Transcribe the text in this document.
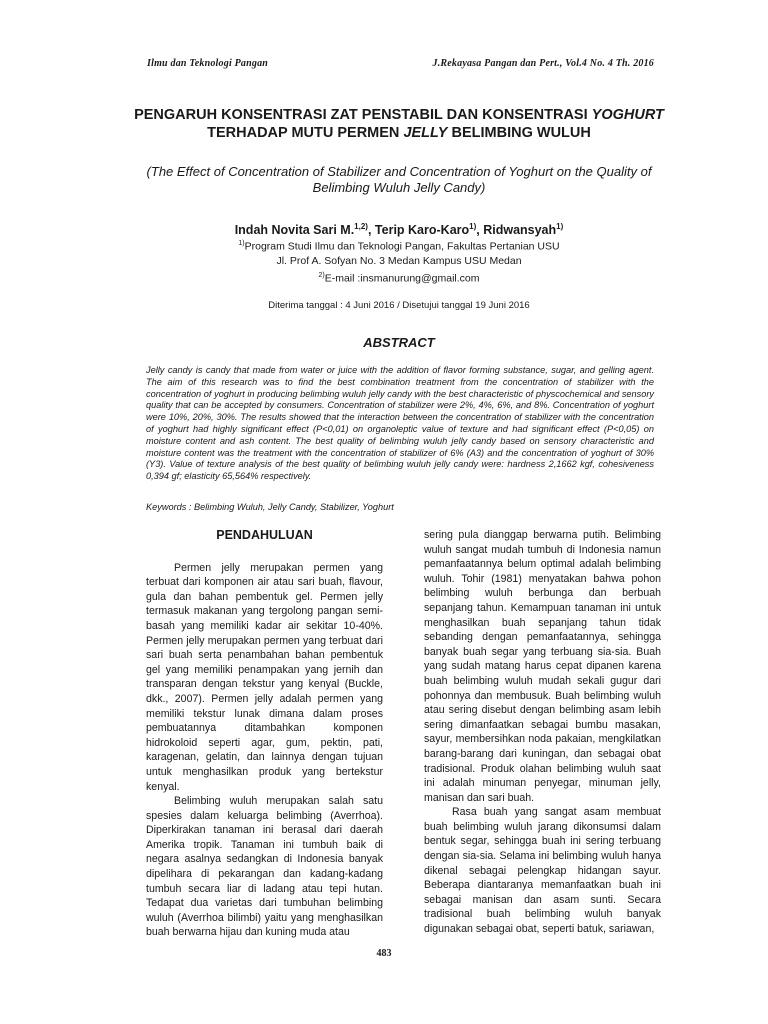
Ilmu dan Teknologi Pangan	J.Rekayasa Pangan dan Pert., Vol.4 No. 4 Th. 2016
PENGARUH KONSENTRASI ZAT PENSTABIL DAN KONSENTRASI YOGHURT
TERHADAP MUTU PERMEN JELLY BELIMBING WULUH
(The Effect of Concentration of Stabilizer and Concentration of Yoghurt on the Quality of Belimbing Wuluh Jelly Candy)
Indah Novita Sari M.$^{1,2)}$, Terip Karo-Karo$^{1)}$, Ridwansyah$^{1)}$
$^{1)}$Program Studi Ilmu dan Teknologi Pangan, Fakultas Pertanian USU
Jl. Prof A. Sofyan No. 3 Medan Kampus USU Medan
$^{2)}$E-mail :insmanurung@gmail.com
Diterima tanggal : 4 Juni 2016 / Disetujui tanggal 19 Juni 2016
ABSTRACT
Jelly candy is candy that made from water or juice with the addition of flavor forming substance, sugar, and gelling agent. The aim of this research was to find the best combination treatment from the concentration of stabilizer with the concentration of yoghurt in producing belimbing wuluh jelly candy with the best characteristic of physcochemical and sensory quality that can be accepted by consumers. Concentration of stabilizer were 2%, 4%, 6%, and 8%. Concentration of yoghurt were 10%, 20%, 30%. The results showed that the interaction between the concentration of stabilizer with the concentration of yoghurt had highly significant effect (P<0,01) on organoleptic value of texture and had significant effect (P<0,05) on moisture content and ash content. The best quality of belimbing wuluh jelly candy based on sensory characteristic and moisture content was the treatment with the concentration of stabilizer of 6% (A3) and the concentration of yoghurt of 30% (Y3). Value of texture analysis of the best quality of belimbing wuluh jelly candy were: hardness 2,1662 kgf, cohesiveness 0,394 gf; elasticity 65,564% respectively.
Keywords : Belimbing Wuluh, Jelly Candy, Stabilizer, Yoghurt
PENDAHULUAN

Permen jelly merupakan permen yang terbuat dari komponen air atau sari buah, flavour, gula dan bahan pembentuk gel. Permen jelly termasuk makanan yang tergolong pangan semi-basah yang memiliki kadar air sekitar 10-40%. Permen jelly merupakan permen yang terbuat dari sari buah serta penambahan bahan pembentuk gel yang memiliki penampakan yang jernih dan transparan dengan tekstur yang kenyal (Buckle, dkk., 2007). Permen jelly adalah permen yang memiliki tekstur lunak dimana dalam proses pembuatannya ditambahkan komponen hidrokoloid seperti agar, gum, pektin, pati, karagenan, gelatin, dan lainnya dengan tujuan untuk menghasilkan produk yang bertekstur kenyal.

Belimbing wuluh merupakan salah satu spesies dalam keluarga belimbing (Averrhoa). Diperkirakan tanaman ini berasal dari daerah Amerika tropik. Tanaman ini tumbuh baik di negara asalnya sedangkan di Indonesia banyak dipelihara di pekarangan dan kadang-kadang tumbuh secara liar di ladang atau tepi hutan. Tedapat dua varietas dari tumbuhan belimbing wuluh (Averrhoa bilimbi) yaitu yang menghasilkan buah berwarna hijau dan kuning muda atau

sering pula dianggap berwarna putih. Belimbing wuluh sangat mudah tumbuh di Indonesia namun pemanfaatannya belum optimal adalah belimbing wuluh. Tohir (1981) menyatakan bahwa pohon belimbing wuluh berbunga dan berbuah sepanjang tahun. Kemampuan tanaman ini untuk menghasilkan buah sepanjang tahun tidak sebanding dengan pemanfaatannya, sehingga banyak buah segar yang terbuang sia-sia. Buah yang sudah matang harus cepat dipanen karena buah belimbing wuluh mudah sekali gugur dari pohonnya dan membusuk. Buah belimbing wuluh atau sering disebut dengan belimbing asam lebih sering dimanfaatkan sebagai bumbu masakan, sayur, membersihkan noda pakaian, mengkilatkan barang-barang dari kuningan, dan sebagai obat tradisional. Produk olahan belimbing wuluh saat ini adalah minuman penyegar, minuman jelly, manisan dan sari buah.

Rasa buah yang sangat asam membuat buah belimbing wuluh jarang dikonsumsi dalam bentuk segar, sehingga buah ini sering terbuang dengan sia-sia. Selama ini belimbing wuluh hanya dikenal sebagai pelengkap hidangan sayur. Beberapa diantaranya memanfaatkan buah ini sebagai manisan dan asam sunti. Secara tradisional buah belimbing wuluh banyak digunakan sebagai obat, seperti batuk, sariawan,

483
